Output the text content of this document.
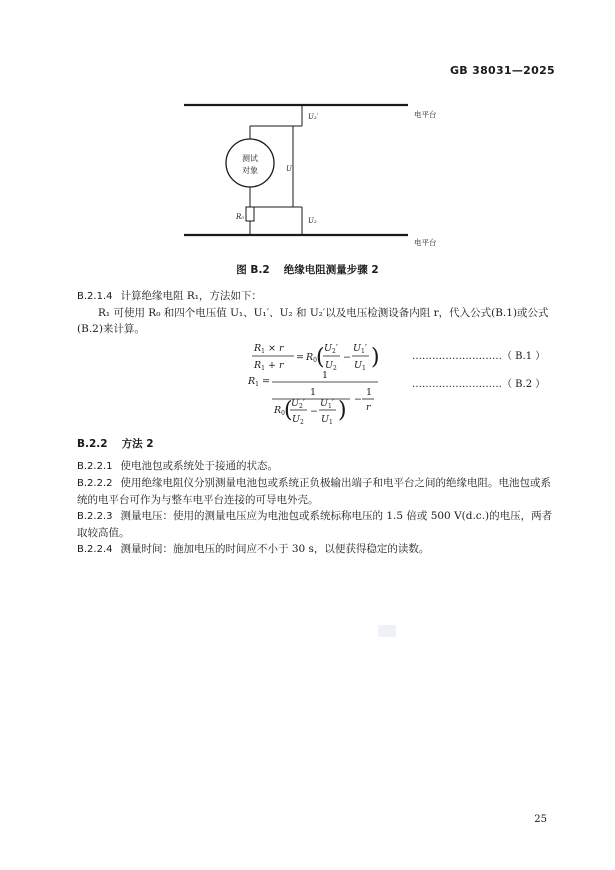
GB 38031—2025
测试
对象
U₂′
U
U₂
R₀
电平台
电平台
图 B.2 绝缘电阻测量步骤 2
B.2.1.4 计算绝缘电阻 R₁，方法如下：
R₁ 可使用 R₀ 和四个电压值 U₁、U₁′、U₂ 和 U₂′以及电压检测设备内阻 r，代入公式(B.1)或公式(B.2)来计算。
$R_1 \times r$
$R_1 + r$
= $R_0$ ( $U_2'$
$U_2$
−
$U_1'$
$U_1$ )	………………………（ B.1 ）
$R_1$ =
1
1
$R_0$ (
$U_2'$
$U_2$
−
$U_1'$
$U_1$ ) −
1
r
………………………（ B.2 ）
B.2.2 方法 2
B.2.2.1 使电池包或系统处于接通的状态。
B.2.2.2 使用绝缘电阻仪分别测量电池包或系统正负极输出端子和电平台之间的绝缘电阻。电池包或系统的电平台可作为与整车电平台连接的可导电外壳。
B.2.2.3 测量电压：使用的测量电压应为电池包或系统标称电压的 1.5 倍或 500 V(d.c.)的电压，两者取较高值。
B.2.2.4 测量时间：施加电压的时间应不小于 30 s，以便获得稳定的读数。
25
